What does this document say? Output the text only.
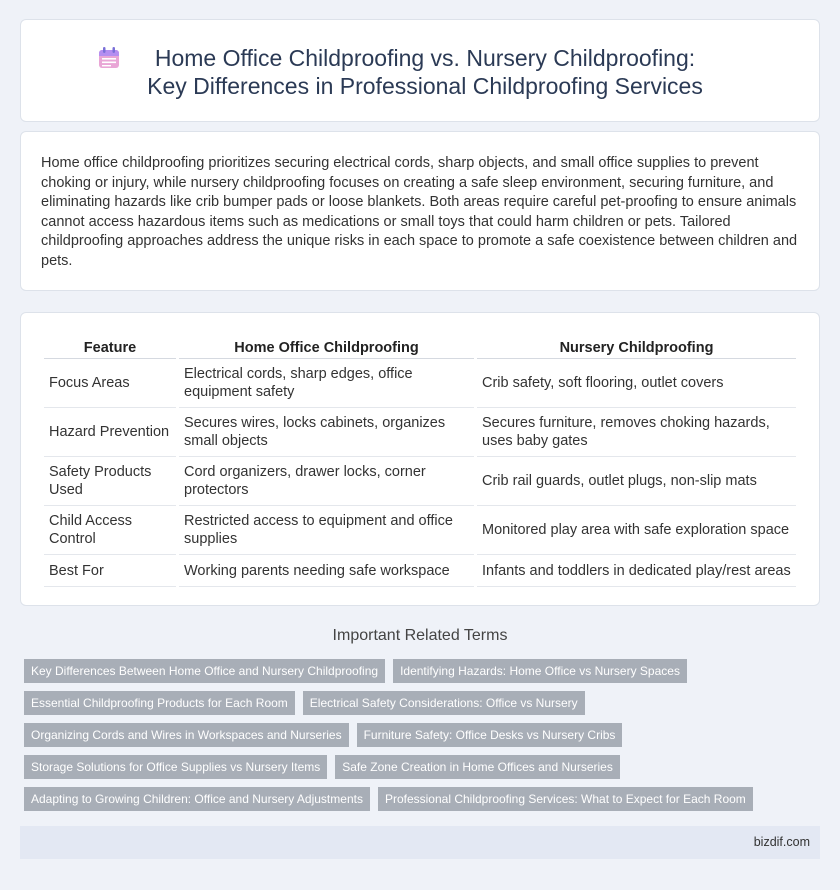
Home Office Childproofing vs. Nursery Childproofing: Key Differences in Professional Childproofing Services

Home office childproofing prioritizes securing electrical cords, sharp objects, and small office supplies to prevent choking or injury, while nursery childproofing focuses on creating a safe sleep environment, securing furniture, and eliminating hazards like crib bumper pads or loose blankets. Both areas require careful pet-proofing to ensure animals cannot access hazardous items such as medications or small toys that could harm children or pets. Tailored childproofing approaches address the unique risks in each space to promote a safe coexistence between children and pets.

Feature	Home Office Childproofing	Nursery Childproofing
Focus Areas	Electrical cords, sharp edges, office equipment safety	Crib safety, soft flooring, outlet covers
Hazard Prevention	Secures wires, locks cabinets, organizes small objects	Secures furniture, removes choking hazards, uses baby gates
Safety Products Used	Cord organizers, drawer locks, corner protectors	Crib rail guards, outlet plugs, non-slip mats
Child Access Control	Restricted access to equipment and office supplies	Monitored play area with safe exploration space
Best For	Working parents needing safe workspace	Infants and toddlers in dedicated play/rest areas
Important Related Terms
Key Differences Between Home Office and Nursery Childproofing	Identifying Hazards: Home Office vs Nursery Spaces
Essential Childproofing Products for Each Room	Electrical Safety Considerations: Office vs Nursery
Organizing Cords and Wires in Workspaces and Nurseries	Furniture Safety: Office Desks vs Nursery Cribs
Storage Solutions for Office Supplies vs Nursery Items	Safe Zone Creation in Home Offices and Nurseries
Adapting to Growing Children: Office and Nursery Adjustments	Professional Childproofing Services: What to Expect for Each Room
bizdif.com
